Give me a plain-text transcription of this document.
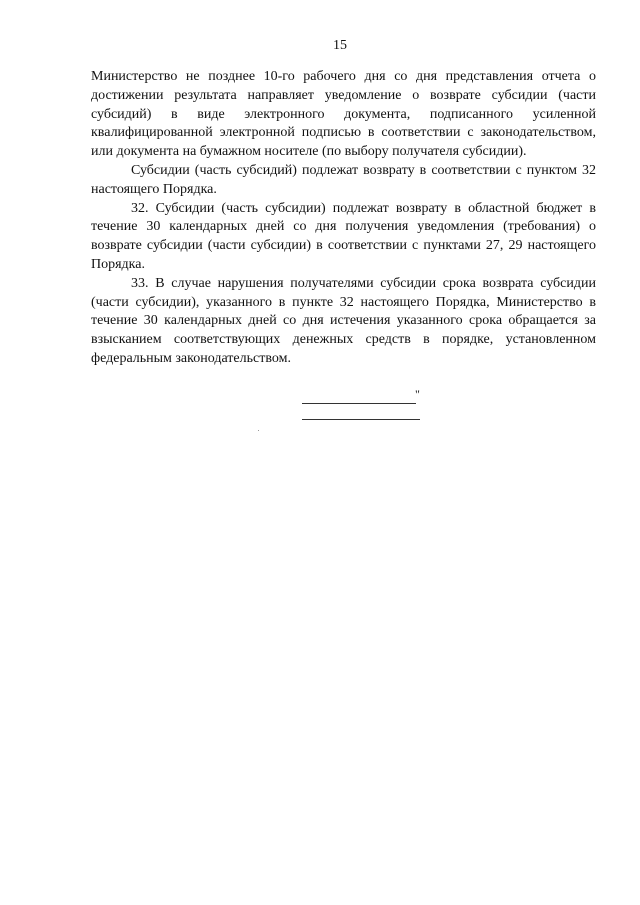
15

Министерство не позднее 10-го рабочего дня со дня представления отчета о достижении результата направляет уведомление о возврате субсидии (части субсидий) в виде электронного документа, подписанного усиленной квалифицированной электронной подписью в соответствии с законодательством, или документа на бумажном носителе (по выбору получателя субсидии).

Субсидии (часть субсидий) подлежат возврату в соответствии с пунктом 32 настоящего Порядка.

32. Субсидии (часть субсидии) подлежат возврату в областной бюджет в течение 30 календарных дней со дня получения уведомления (требования) о возврате субсидии (части субсидии) в соответствии с пунктами 27, 29 настоящего Порядка.

33. В случае нарушения получателями субсидии срока возврата субсидии (части субсидии), указанного в пункте 32 настоящего Порядка, Министерство в течение 30 календарных дней со дня истечения указанного срока обращается за взысканием соответствующих денежных средств в порядке, установленном федеральным законодательством.

"
